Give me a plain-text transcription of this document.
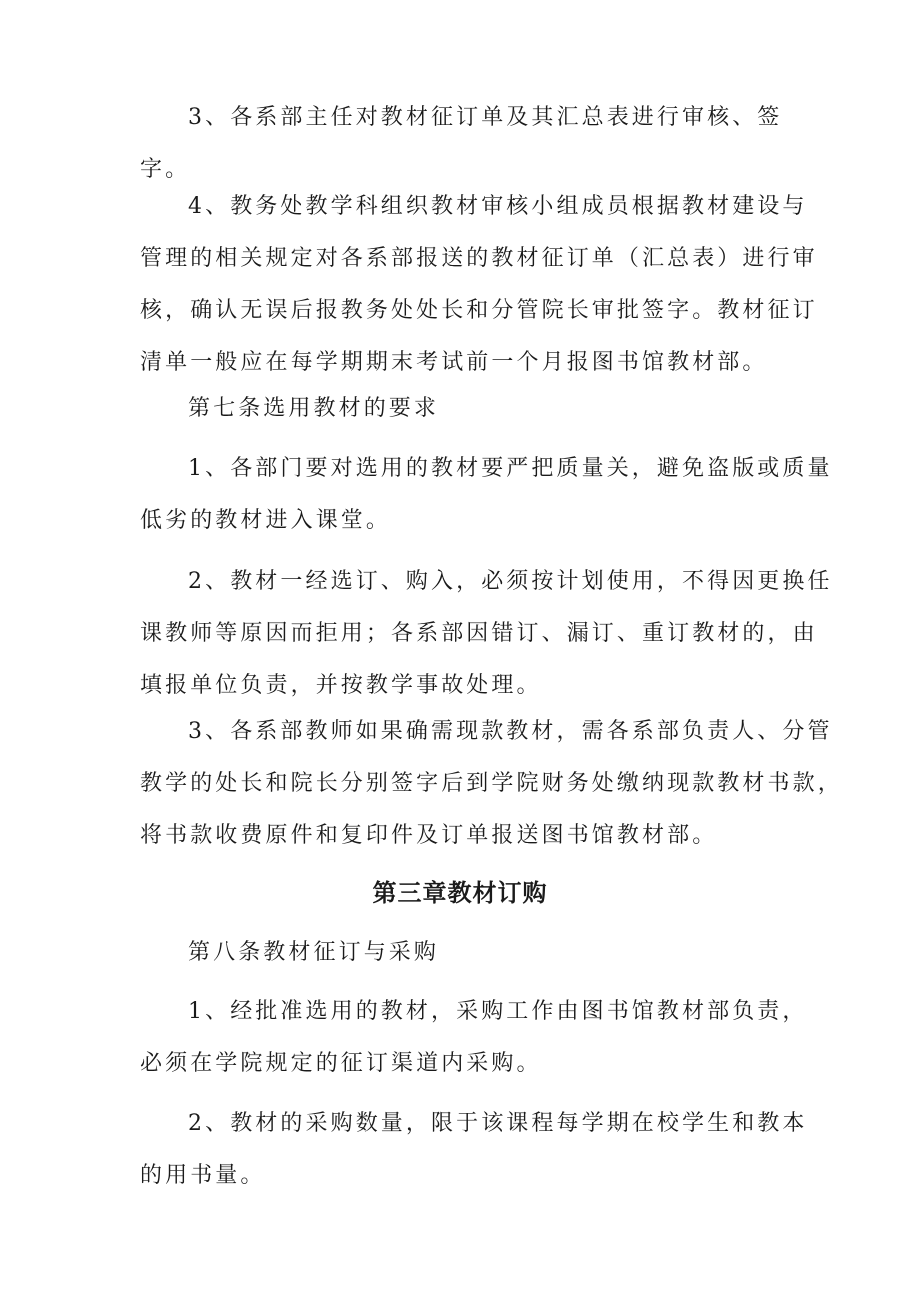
3、各系部主任对教材征订单及其汇总表进行审核、签
字。

4、教务处教学科组织教材审核小组成员根据教材建设与
管理的相关规定对各系部报送的教材征订单（汇总表）进行审
核，确认无误后报教务处处长和分管院长审批签字。教材征订
清单一般应在每学期期末考试前一个月报图书馆教材部。

第七条选用教材的要求

1、各部门要对选用的教材要严把质量关，避免盗版或质量
低劣的教材进入课堂。

2、教材一经选订、购入，必须按计划使用，不得因更换任
课教师等原因而拒用；各系部因错订、漏订、重订教材的，由
填报单位负责，并按教学事故处理。

3、各系部教师如果确需现款教材，需各系部负责人、分管
教学的处长和院长分别签字后到学院财务处缴纳现款教材书款，
将书款收费原件和复印件及订单报送图书馆教材部。

第三章教材订购

第八条教材征订与采购

1、经批准选用的教材，采购工作由图书馆教材部负责，
必须在学院规定的征订渠道内采购。

2、教材的采购数量，限于该课程每学期在校学生和教本
的用书量。
